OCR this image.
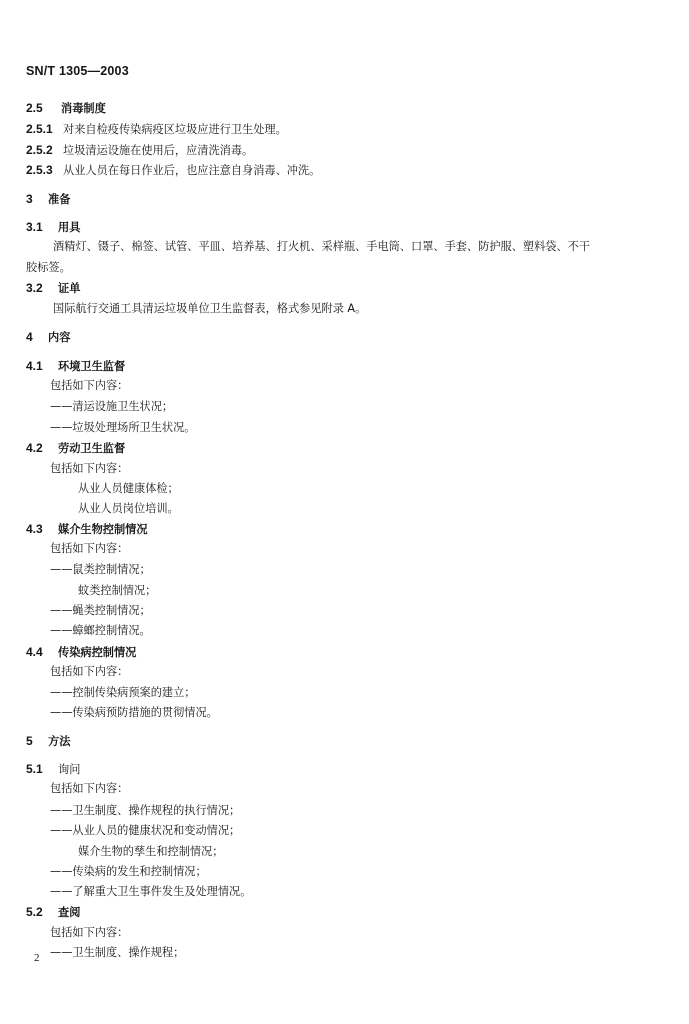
SN/T 1305—2003
2.5 消毒制度
2.5.1 对来自检疫传染病疫区垃圾应进行卫生处理。
2.5.2 垃圾清运设施在使用后，应清洗消毒。
2.5.3 从业人员在每日作业后，也应注意自身消毒、冲洗。
3 准备
3.1 用具
酒精灯、镊子、棉签、试管、平皿、培养基、打火机、采样瓶、手电筒、口罩、手套、防护服、塑料袋、不干
胶标签。
3.2 证单
国际航行交通工具清运垃圾单位卫生监督表，格式参见附录 A。
4 内容
4.1 环境卫生监督
包括如下内容：
——清运设施卫生状况；
——垃圾处理场所卫生状况。
4.2 劳动卫生监督
包括如下内容：
从业人员健康体检；
从业人员岗位培训。
4.3 媒介生物控制情况
包括如下内容：
——鼠类控制情况；
蚊类控制情况；
——蝇类控制情况；
——蟑螂控制情况。
4.4 传染病控制情况
包括如下内容：
——控制传染病预案的建立；
——传染病预防措施的贯彻情况。
5 方法
5.1 询问
包括如下内容：
——卫生制度、操作规程的执行情况；
——从业人员的健康状况和变动情况；
媒介生物的孳生和控制情况；
——传染病的发生和控制情况；
——了解重大卫生事件发生及处理情况。
5.2 查阅
包括如下内容：
——卫生制度、操作规程；
2
